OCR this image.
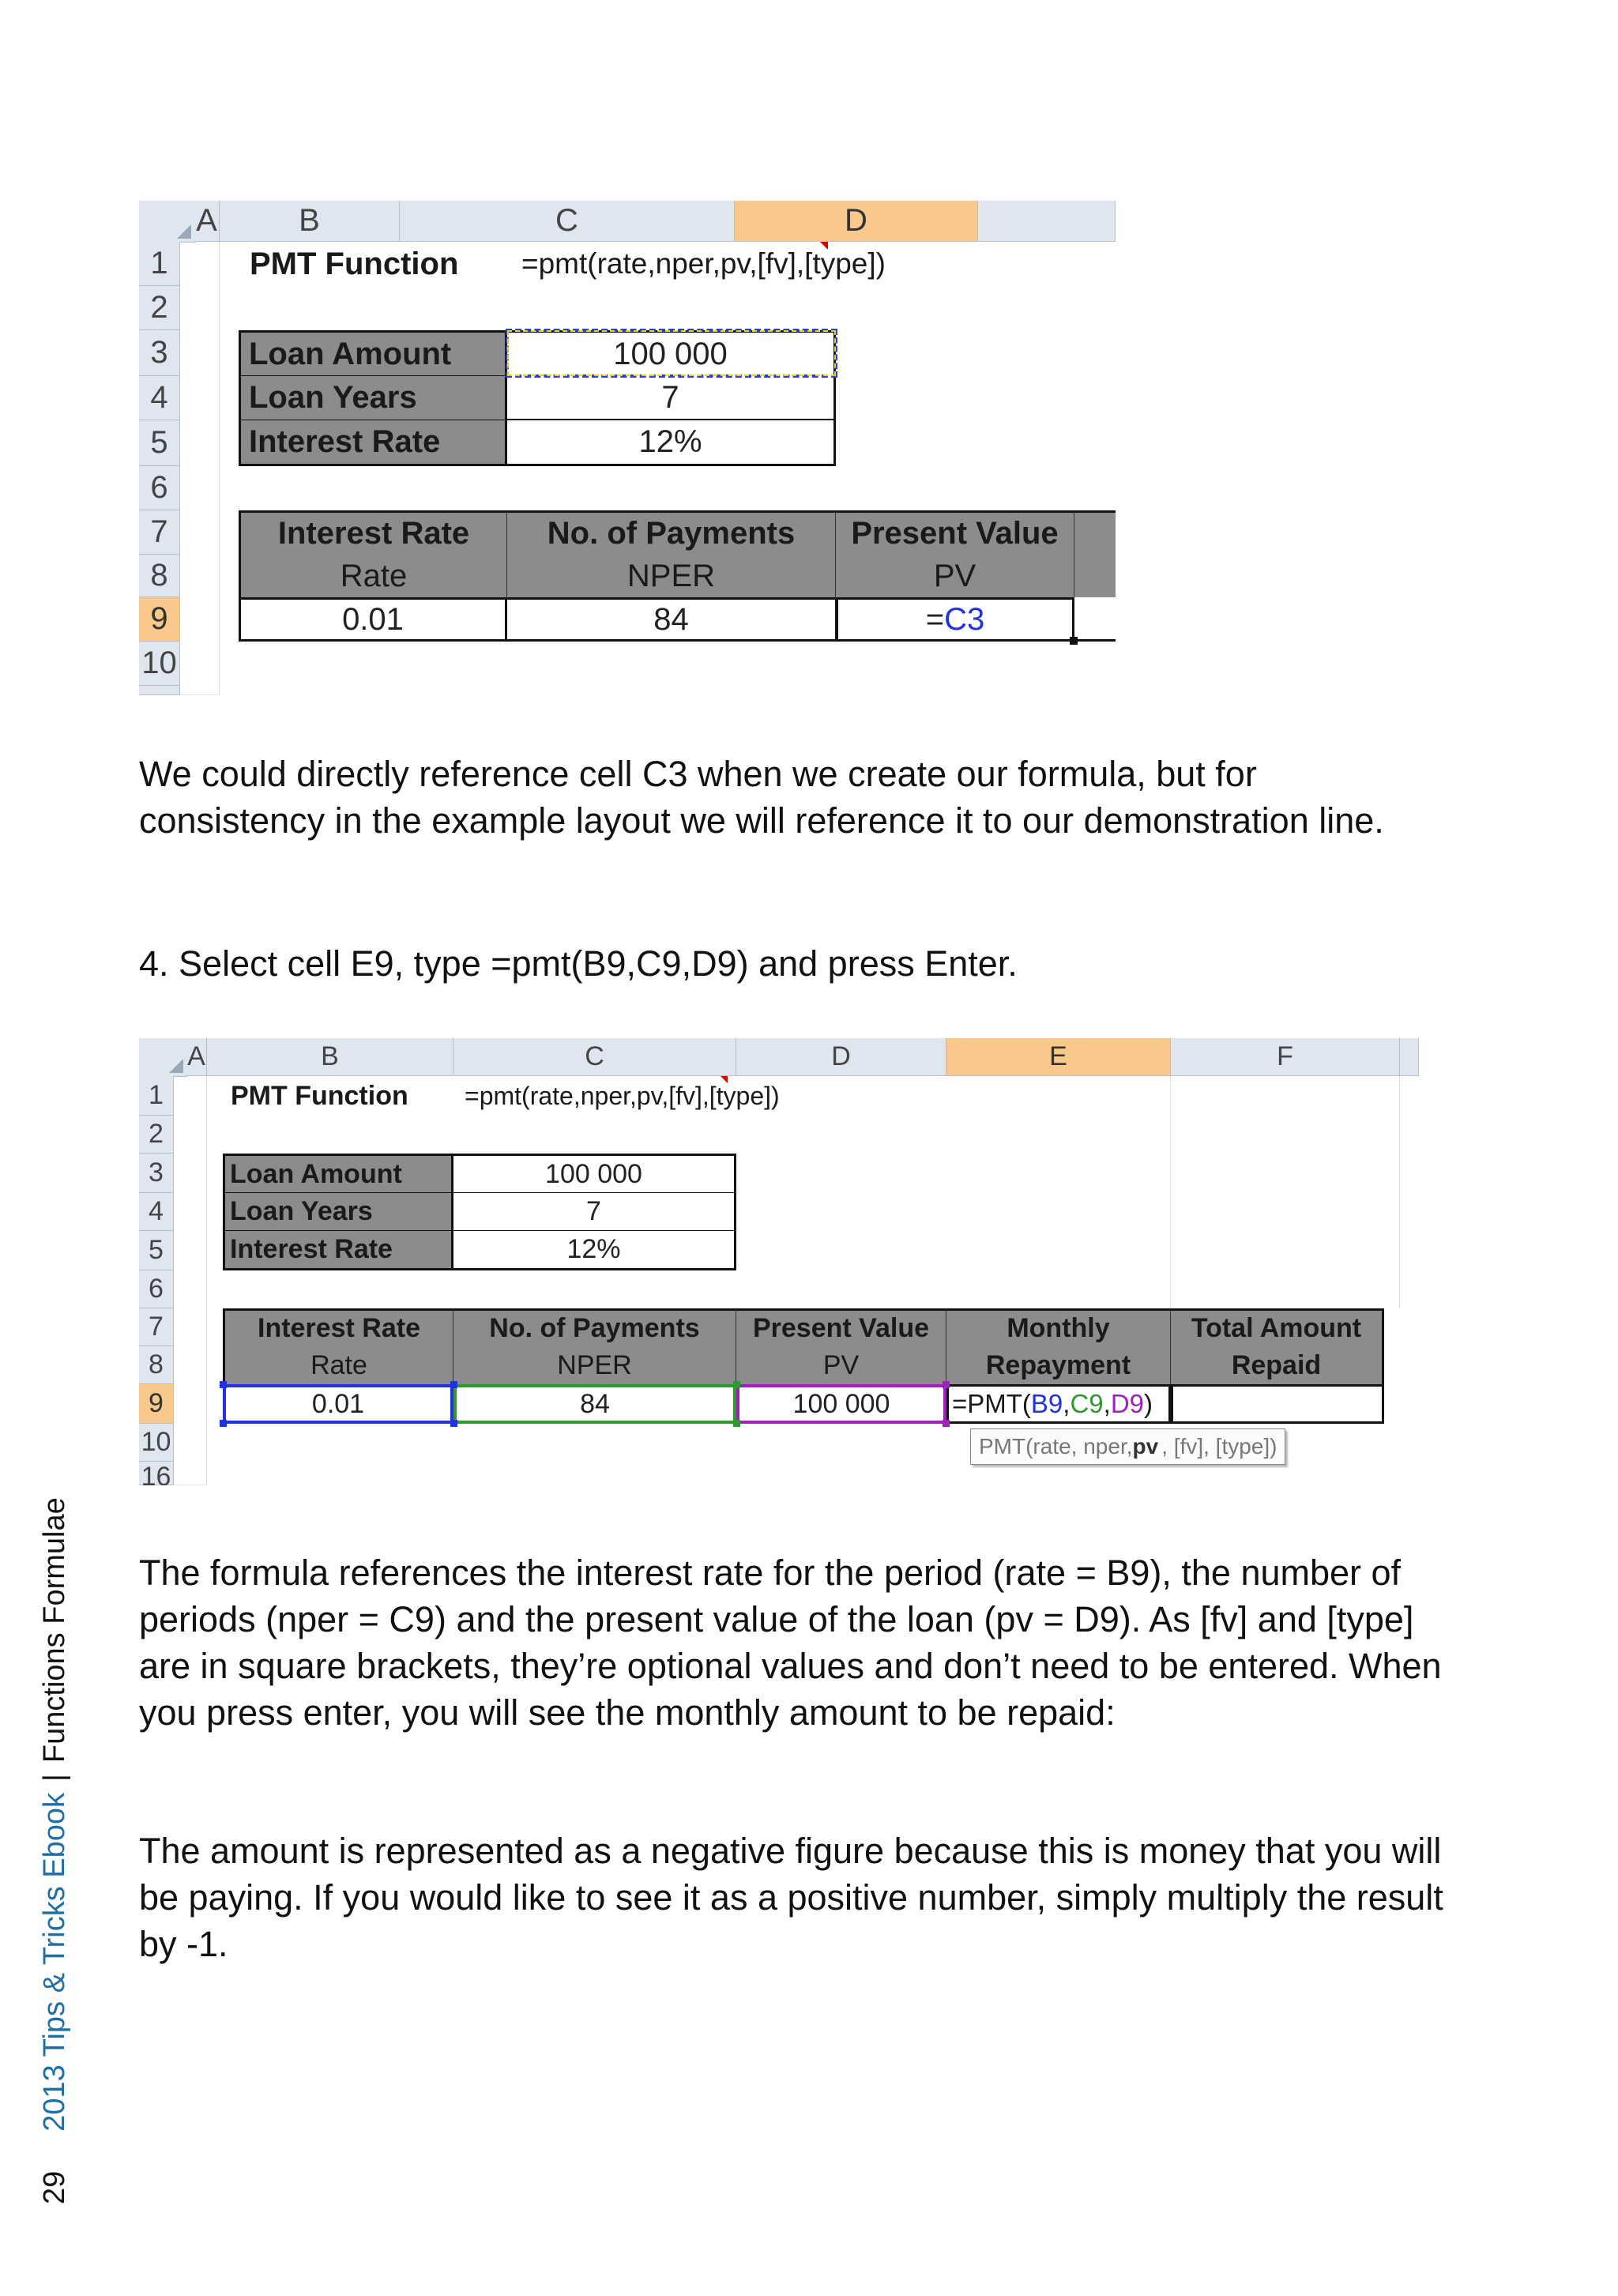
292013 Tips & Tricks Ebook|Functions Formulae
A	B	C	D
1
2
3
4
5
6
7
8
9
10
PMT Function =pmt(rate,nper,pv,[fv],[type])
Loan Amount	100 000
Loan Years	7
Interest Rate	12%
Interest Rate	No. of Payments	Present Value
Rate	NPER	PV
0.01	84	= C3

We could directly reference cell C3 when we create our formula, but for consistency in the example layout we will reference it to our demonstration line.

4. Select cell E9, type =pmt(B9,C9,D9) and press Enter.

A	B	C	D	E	F
1
2
3
4
5
6
7
8
9
10
16
PMT Function	=pmt(rate,nper,pv,[fv],[type])
Loan Amount	100 000
Loan Years	7
Interest Rate	12%
Interest Rate	No. of Payments	Present Value	Monthly	Total Amount
Rate	NPER	PV	Repayment	Repaid
0.01	84	100 000	=PMT( B9 , C9 , D9 )
PMT(rate, nper, pv , [fv], [type])

The formula references the interest rate for the period (rate = B9), the number of periods (nper = C9) and the present value of the loan (pv = D9). As [fv] and [type] are in square brackets, they’re optional values and don’t need to be entered. When you press enter, you will see the monthly amount to be repaid:

The amount is represented as a negative figure because this is money that you will be paying. If you would like to see it as a positive number, simply multiply the result by -1.
